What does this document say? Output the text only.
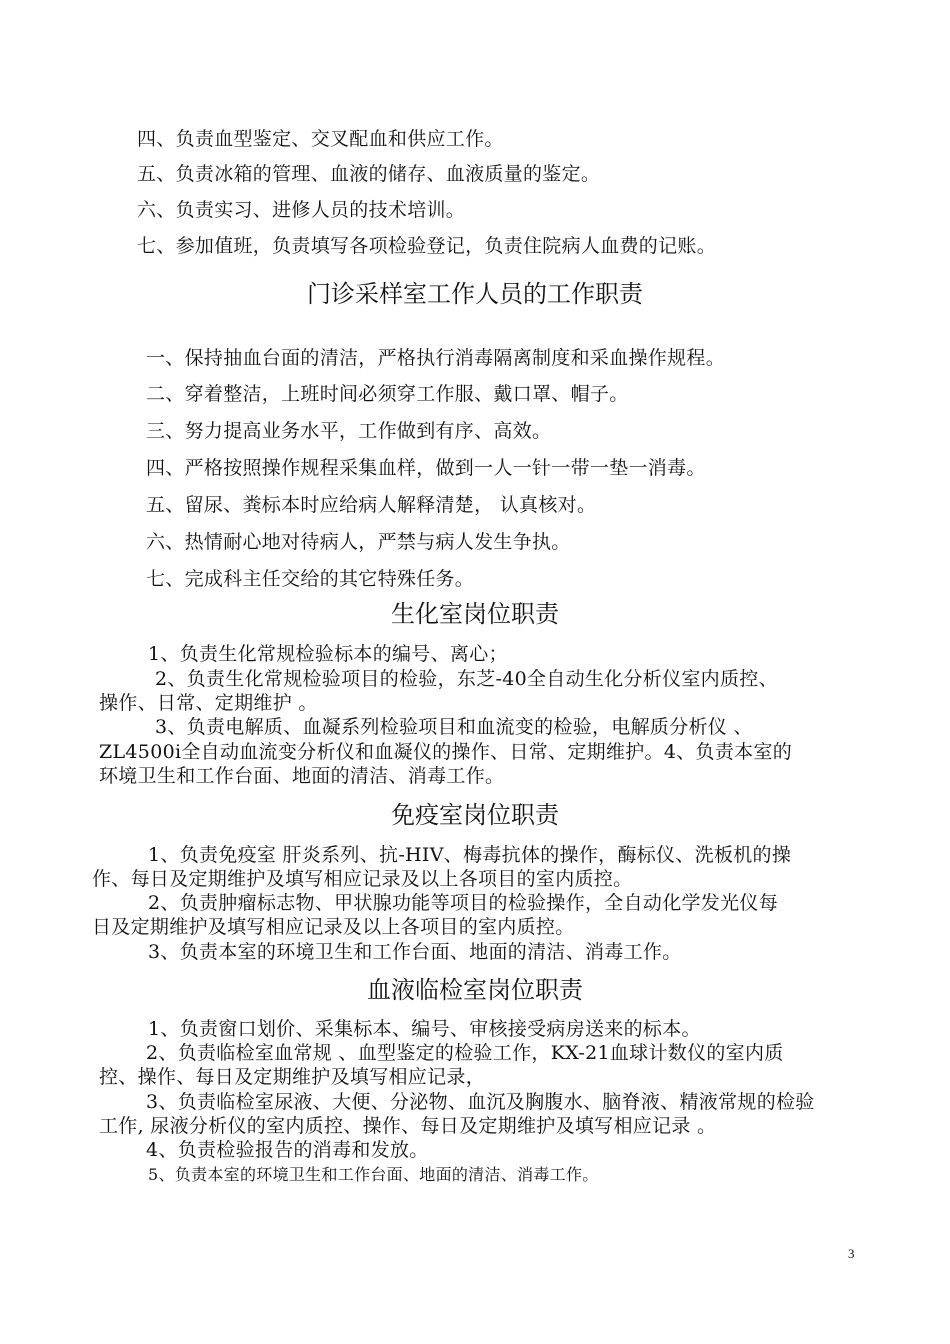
四、负责血型鉴定、交叉配血和供应工作。
五、负责冰箱的管理、血液的储存、血液质量的鉴定。
六、负责实习、进修人员的技术培训。
七、参加值班，负责填写各项检验登记，负责住院病人血费的记账。
门诊采样室工作人员的工作职责
一、保持抽血台面的清洁，严格执行消毒隔离制度和采血操作规程。
二、穿着整洁，上班时间必须穿工作服、戴口罩、帽子。
三、努力提高业务水平，工作做到有序、高效。
四、严格按照操作规程采集血样，做到一人一针一带一垫一消毒。
五、留尿、粪标本时应给病人解释清楚， 认真核对。
六、热情耐心地对待病人，严禁与病人发生争执。
七、完成科主任交给的其它特殊任务。
生化室岗位职责
1、负责生化常规检验标本的编号、离心；
2、负责生化常规检验项目的检验，东芝-40全自动生化分析仪室内质控、
操作、日常、定期维护 。
3、负责电解质、血凝系列检验项目和血流变的检验，电解质分析仪 、
ZL4500i全自动血流变分析仪和血凝仪的操作、日常、定期维护。4、负责本室的
环境卫生和工作台面、地面的清洁、消毒工作。
免疫室岗位职责
1、负责免疫室 肝炎系列、抗-HIV、梅毒抗体的操作，酶标仪、洗板机的操
作、每日及定期维护及填写相应记录及以上各项目的室内质控。
2、负责肿瘤标志物、甲状腺功能等项目的检验操作，全自动化学发光仪每
日及定期维护及填写相应记录及以上各项目的室内质控。
3、负责本室的环境卫生和工作台面、地面的清洁、消毒工作。
血液临检室岗位职责
1、负责窗口划价、采集标本、编号、审核接受病房送来的标本。
2、负责临检室血常规 、血型鉴定的检验工作，KX-21血球计数仪的室内质
控、操作、每日及定期维护及填写相应记录，
3、负责临检室尿液、大便、分泌物、血沉及胸腹水、脑脊液、精液常规的检验
工作, 尿液分析仪的室内质控、操作、每日及定期维护及填写相应记录 。
4、负责检验报告的消毒和发放。
5、负责本室的环境卫生和工作台面、地面的清洁、消毒工作。
3
